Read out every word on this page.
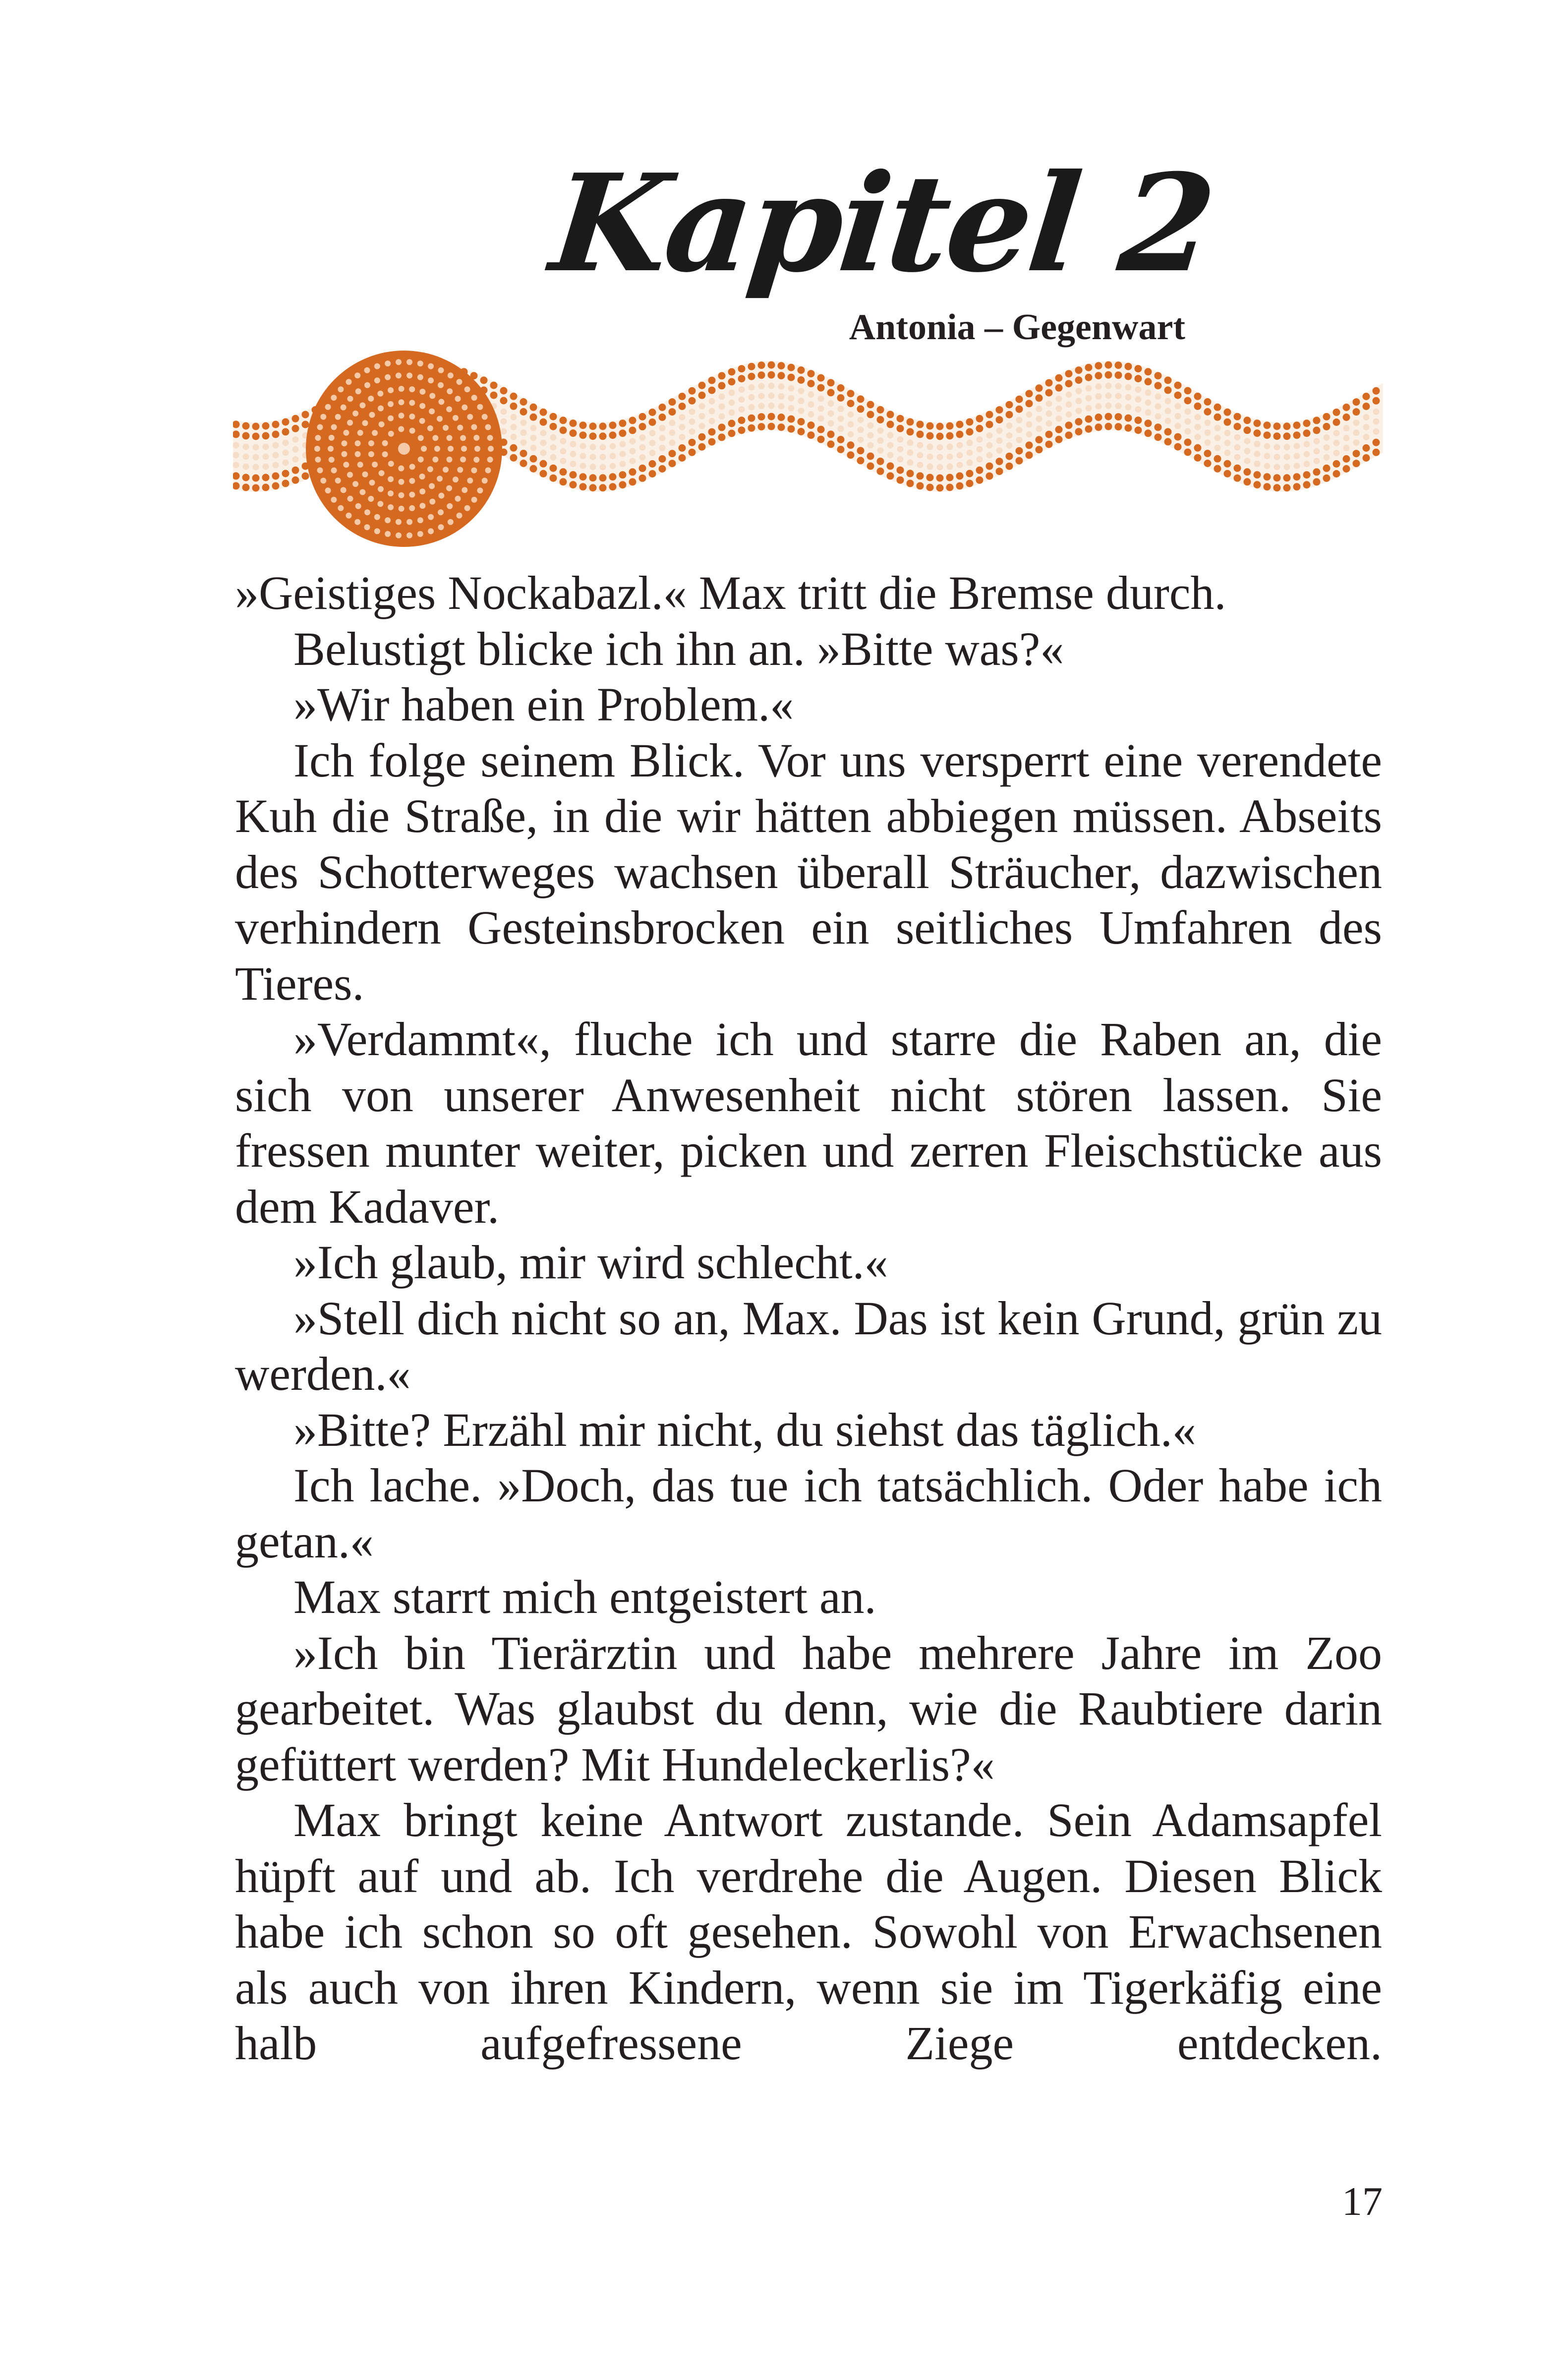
Kapitel 2
Antonia – Gegenwart

»Geistiges Nockabazl.« Max tritt die Bremse durch.

Belustigt blicke ich ihn an. »Bitte was?«

»Wir haben ein Problem.«

Ich folge seinem Blick. Vor uns versperrt eine verendete Kuh die Straße, in die wir hätten abbiegen müssen. Abseits des Schotterweges wachsen überall Sträucher, dazwischen verhindern Gesteinsbrocken ein seitliches Umfahren des Tieres.

»Verdammt«, fluche ich und starre die Raben an, die sich von unserer Anwesenheit nicht stören lassen. Sie fressen munter weiter, picken und zerren Fleischstücke aus dem Kadaver.

»Ich glaub, mir wird schlecht.«

»Stell dich nicht so an, Max. Das ist kein Grund, grün zu werden.«

»Bitte? Erzähl mir nicht, du siehst das täglich.«

Ich lache. »Doch, das tue ich tatsächlich. Oder habe ich getan.«

Max starrt mich entgeistert an.

»Ich bin Tierärztin und habe mehrere Jahre im Zoo gearbeitet. Was glaubst du denn, wie die Raubtiere darin gefüttert werden? Mit Hundeleckerlis?«

Max bringt keine Antwort zustande. Sein Adamsapfel hüpft auf und ab. Ich verdrehe die Augen. Diesen Blick habe ich schon so oft gesehen. Sowohl von Erwachsenen als auch von ihren Kindern, wenn sie im Tigerkäfig eine halb aufgefressene Ziege entdecken.

17
